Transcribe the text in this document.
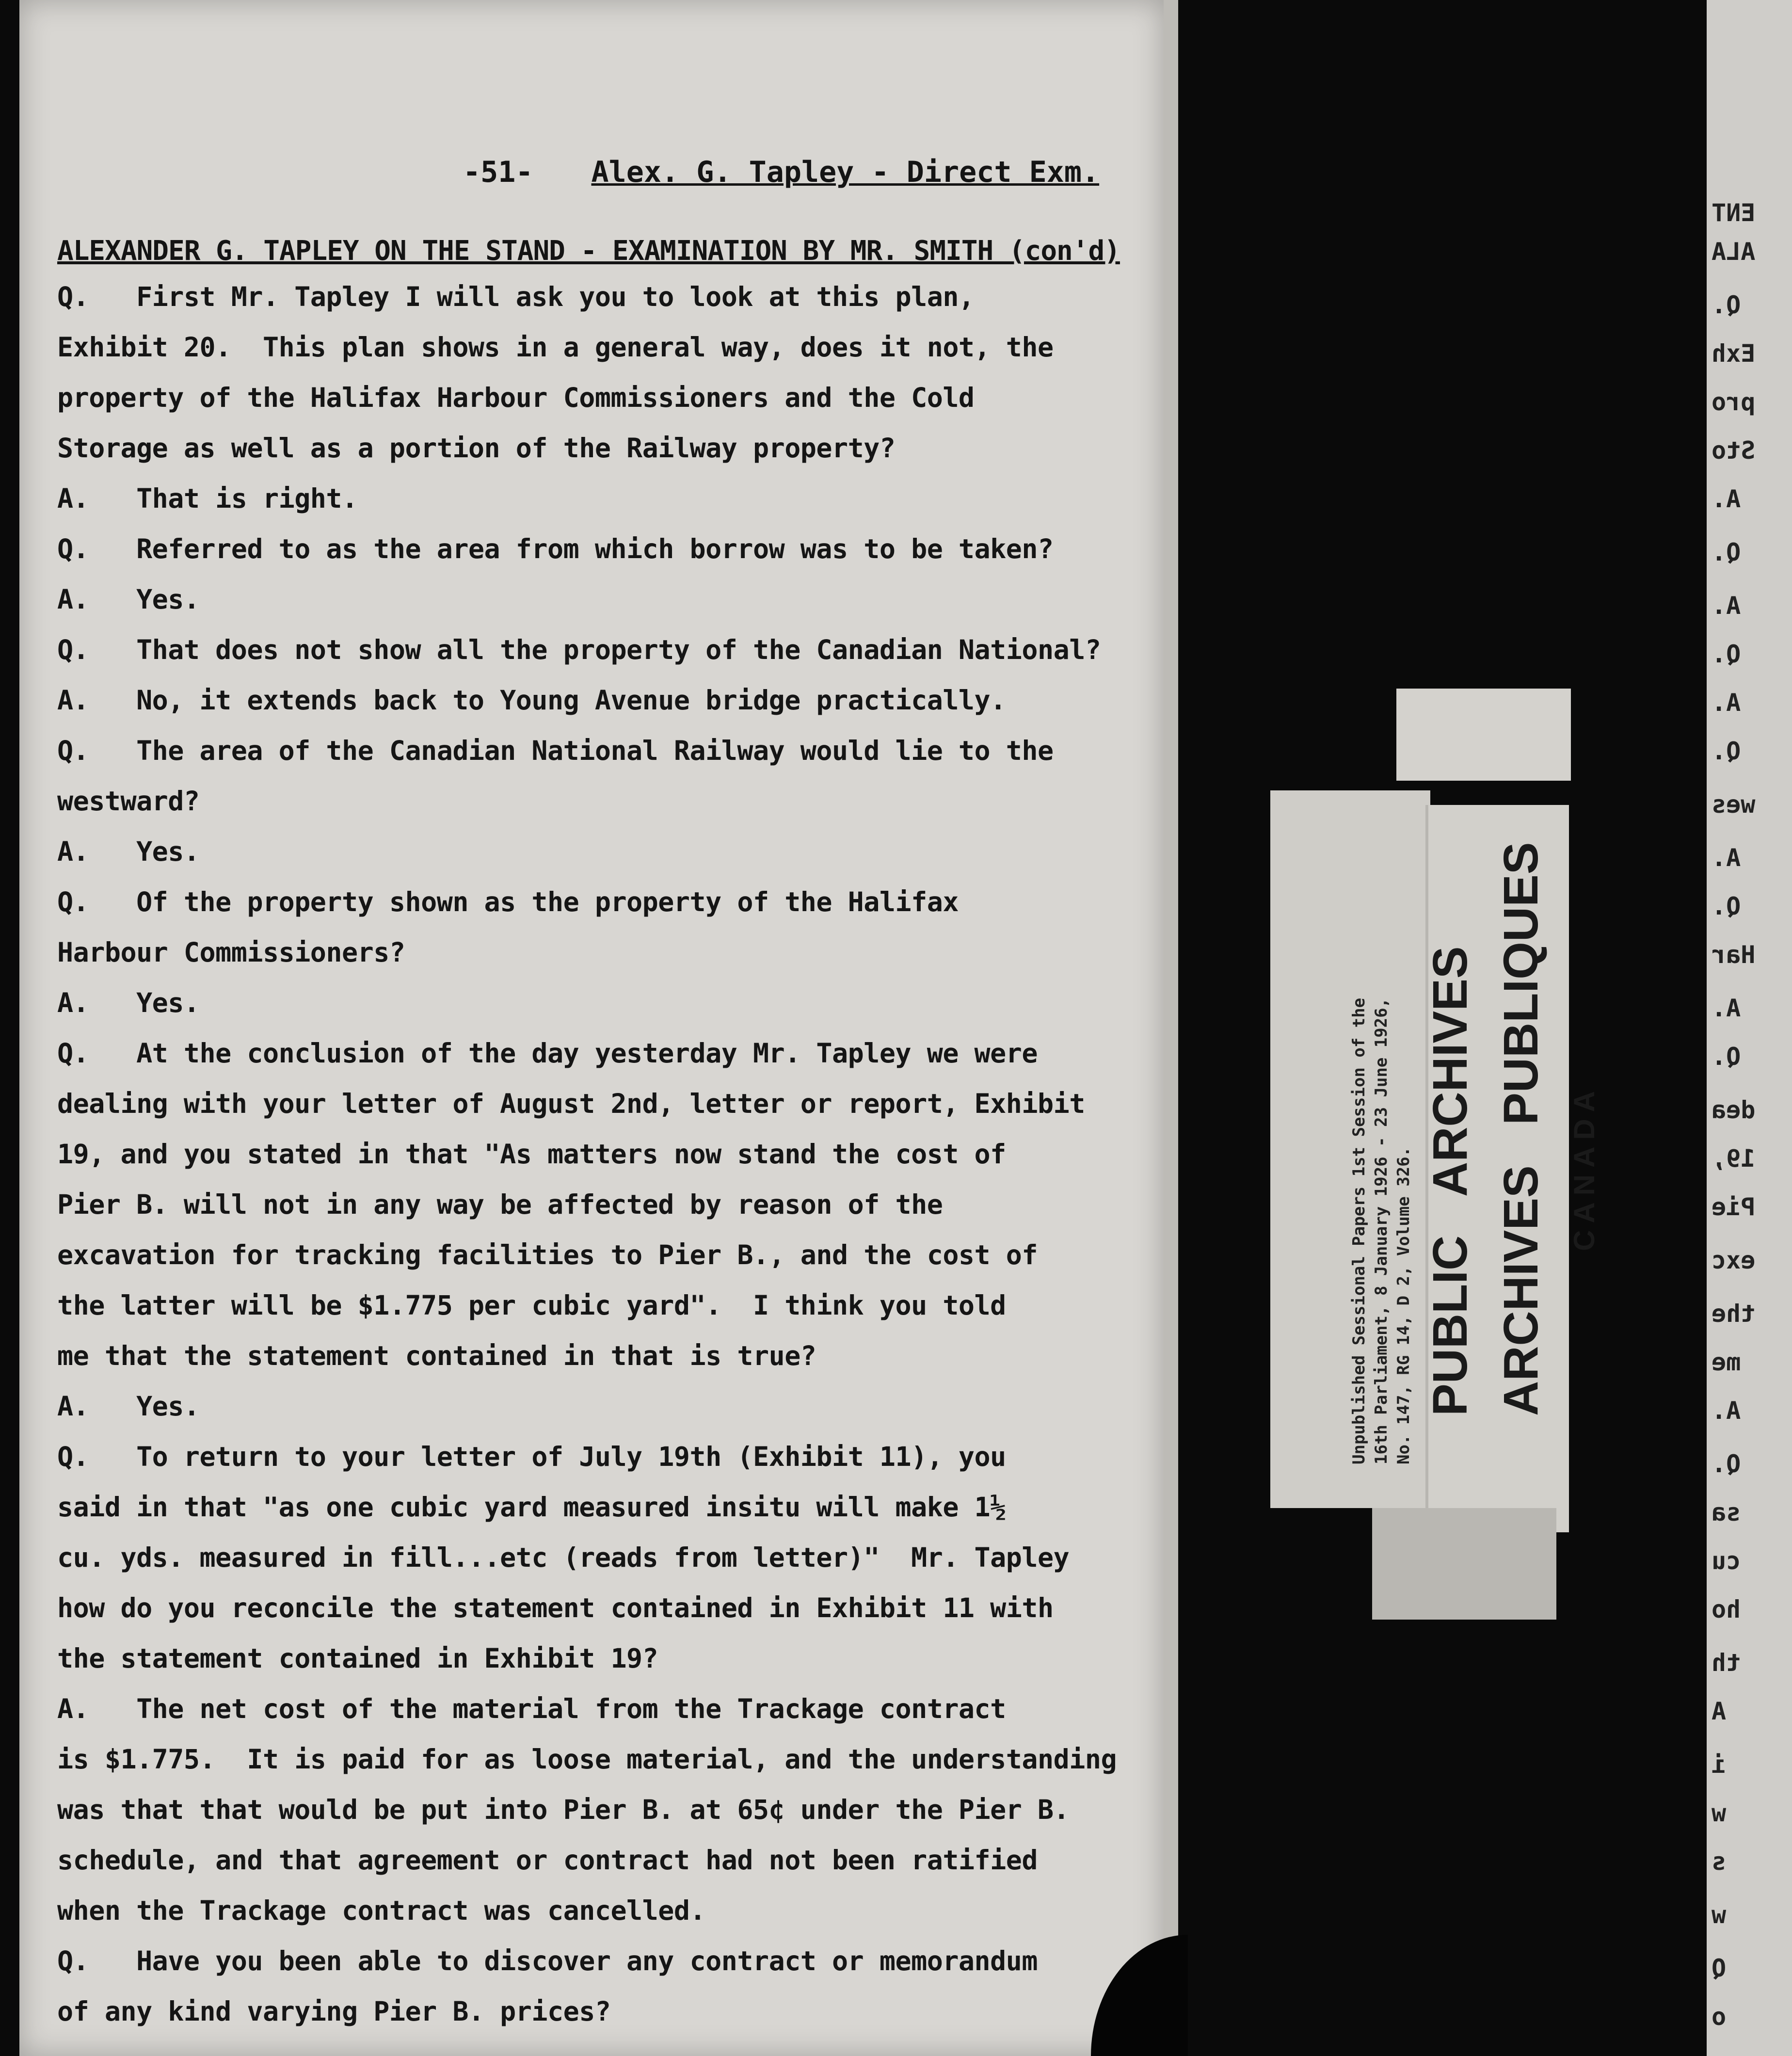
-51- Alex. G. Tapley - Direct Exm.
ALEXANDER G. TAPLEY ON THE STAND - EXAMINATION BY MR. SMITH (con'd)
Q.   First Mr. Tapley I will ask you to look at this plan,
Exhibit 20.  This plan shows in a general way, does it not, the
property of the Halifax Harbour Commissioners and the Cold
Storage as well as a portion of the Railway property?
A.   That is right.
Q.   Referred to as the area from which borrow was to be taken?
A.   Yes.
Q.   That does not show all the property of the Canadian National?
A.   No, it extends back to Young Avenue bridge practically.
Q.   The area of the Canadian National Railway would lie to the
westward?
A.   Yes.
Q.   Of the property shown as the property of the Halifax
Harbour Commissioners?
A.   Yes.
Q.   At the conclusion of the day yesterday Mr. Tapley we were
dealing with your letter of August 2nd, letter or report, Exhibit
19, and you stated in that "As matters now stand the cost of
Pier B. will not in any way be affected by reason of the
excavation for tracking facilities to Pier B., and the cost of
the latter will be $1.775 per cubic yard".  I think you told
me that the statement contained in that is true?
A.   Yes.
Q.   To return to your letter of July 19th (Exhibit 11), you
said in that "as one cubic yard measured insitu will make 1½
cu. yds. measured in fill...etc (reads from letter)"  Mr. Tapley
how do you reconcile the statement contained in Exhibit 11 with
the statement contained in Exhibit 19?
A.   The net cost of the material from the Trackage contract
is $1.775.  It is paid for as loose material, and the understanding
was that that would be put into Pier B. at 65¢ under the Pier B.
schedule, and that agreement or contract had not been ratified
when the Trackage contract was cancelled.
Q.   Have you been able to discover any contract or memorandum
of any kind varying Pier B. prices?
Unpublished Sessional Papers 1st Session of the 16th Parliament, 8 January 1926 - 23 June 1926, No. 147, RG 14, D 2, Volume 326.

PUBLIC   ARCHIVES

ARCHIVES   PUBLIQUES

CANADA

ENT
ALA
Q.
Exh
pro
Sto
A.
Q.
A.
Q.
A.
Q.
wes
A.
Q.
Har
A.
Q.
dea
19,
Pie
exc
the
me
A.
Q.
sa
cu
ho
th
A
i
w
s
w
Q
o
